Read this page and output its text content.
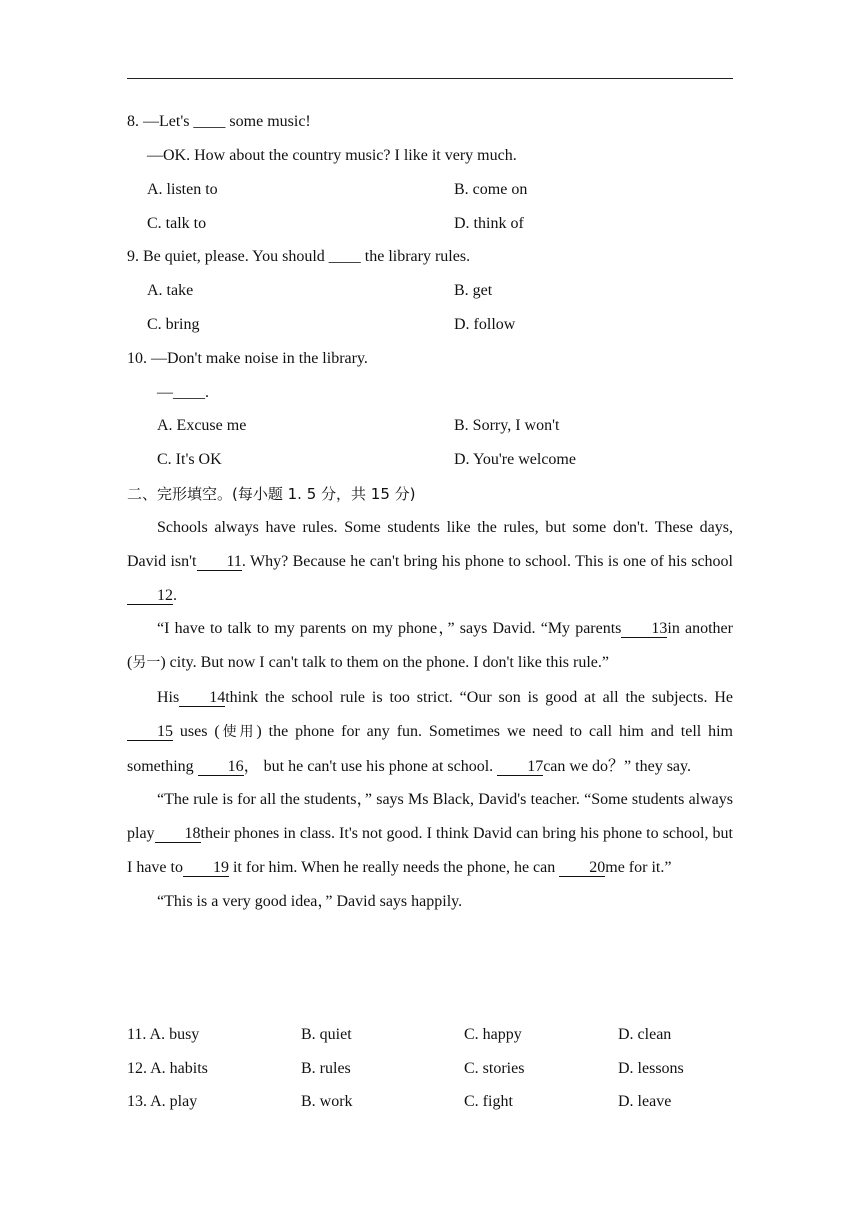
8. —Let's ____ some music!
—OK. How about the country music? I like it very much.
A. listen to	B. come on
C. talk to	D. think of
9. Be quiet, please. You should ____ the library rules.
A. take	B. get
C. bring	D. follow
10. —Don't make noise in the library.
—____.
A. Excuse me	B. Sorry, I won't
C. It's OK	D. You're welcome
二、完形填空。(每小题 1. 5 分，共 15 分)

Schools always have rules. Some students like the rules, but some don't. These days, David isn't 11. Why? Because he can't bring his phone to school. This is one of his school12.

“I have to talk to my parents on my phone，” says David. “My parents 13in another (另一) city. But now I can't talk to them on the phone. I don't like this rule.”

His 14think the school rule is too strict. “Our son is good at all the subjects. He15 uses (使用) the phone for any fun. Sometimes we need to call him and tell him something 16， but he can't use his phone at school. 17can we do？” they say.

“The rule is for all the students，” says Ms Black, David's teacher. “Some students always play 18their phones in class. It's not good. I think David can bring his phone to school, but I have to 19 it for him. When he really needs the phone, he can 20me for it.”

“This is a very good idea，” David says happily.

11. A. busy	B. quiet	C. happy	D. clean
12. A. habits	B. rules	C. stories	D. lessons
13. A. play	B. work	C. fight	D. leave
